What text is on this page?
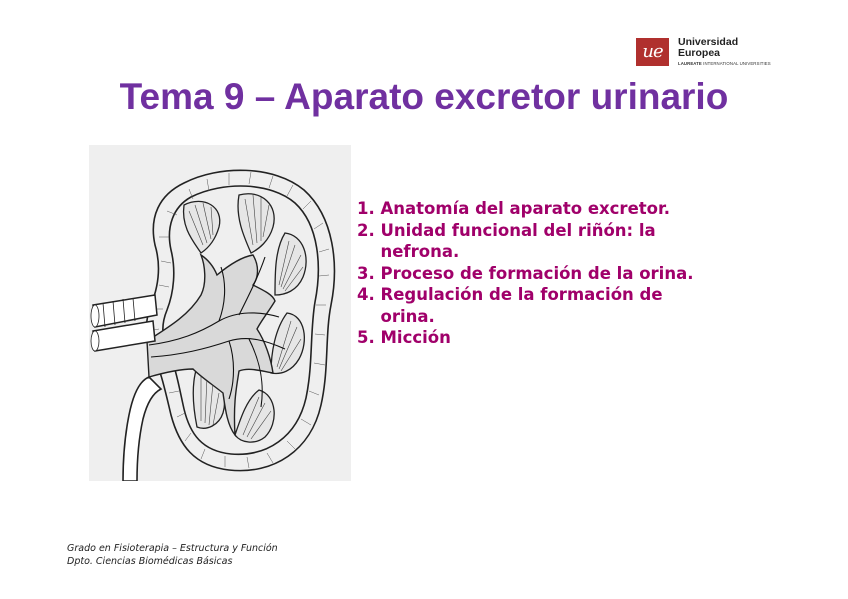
ue	Universidad
Europea
LAUREATE INTERNATIONAL UNIVERSITIES
Tema 9 – Aparato excretor urinario
1.
Anatomía del aparato excretor.
2.
Unidad funcional del riñón: la
nefrona.
3.
Proceso de formación de la orina.
4.
Regulación de la formación de
orina.
5.
Micción
Grado en Fisioterapia – Estructura y Función
Dpto. Ciencias Biomédicas Básicas
